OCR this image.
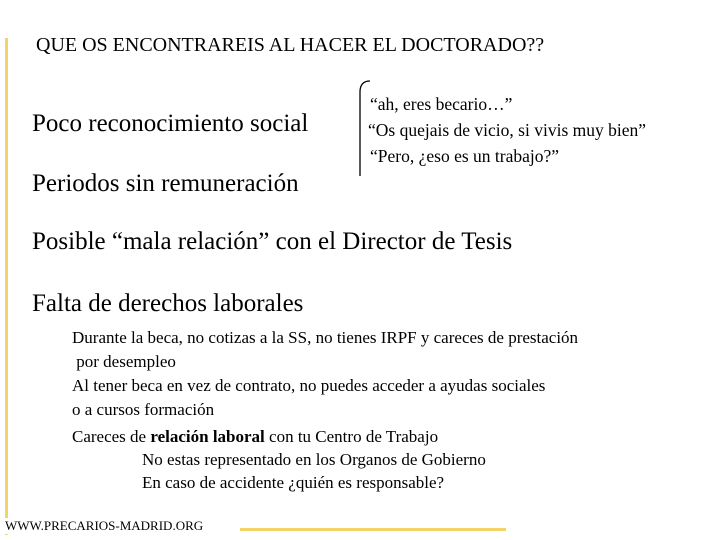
QUE OS ENCONTRAREIS AL HACER EL DOCTORADO??
Poco reconocimiento social
Periodos sin remuneración
“ah, eres becario…”
“Os quejais de vicio, si vivis muy bien”
“Pero, ¿eso es un trabajo?”
Posible “mala relación” con el Director de Tesis
Falta de derechos laborales
Durante la beca, no cotizas a la SS, no tienes IRPF y careces de prestación
por desempleo
Al tener beca en vez de contrato, no puedes acceder a ayudas sociales
o a cursos formación
Careces de relación laboral con tu Centro de Trabajo
No estas representado en los Organos de Gobierno
En caso de accidente ¿quién es responsable?
WWW.PRECARIOS-MADRID.ORG
